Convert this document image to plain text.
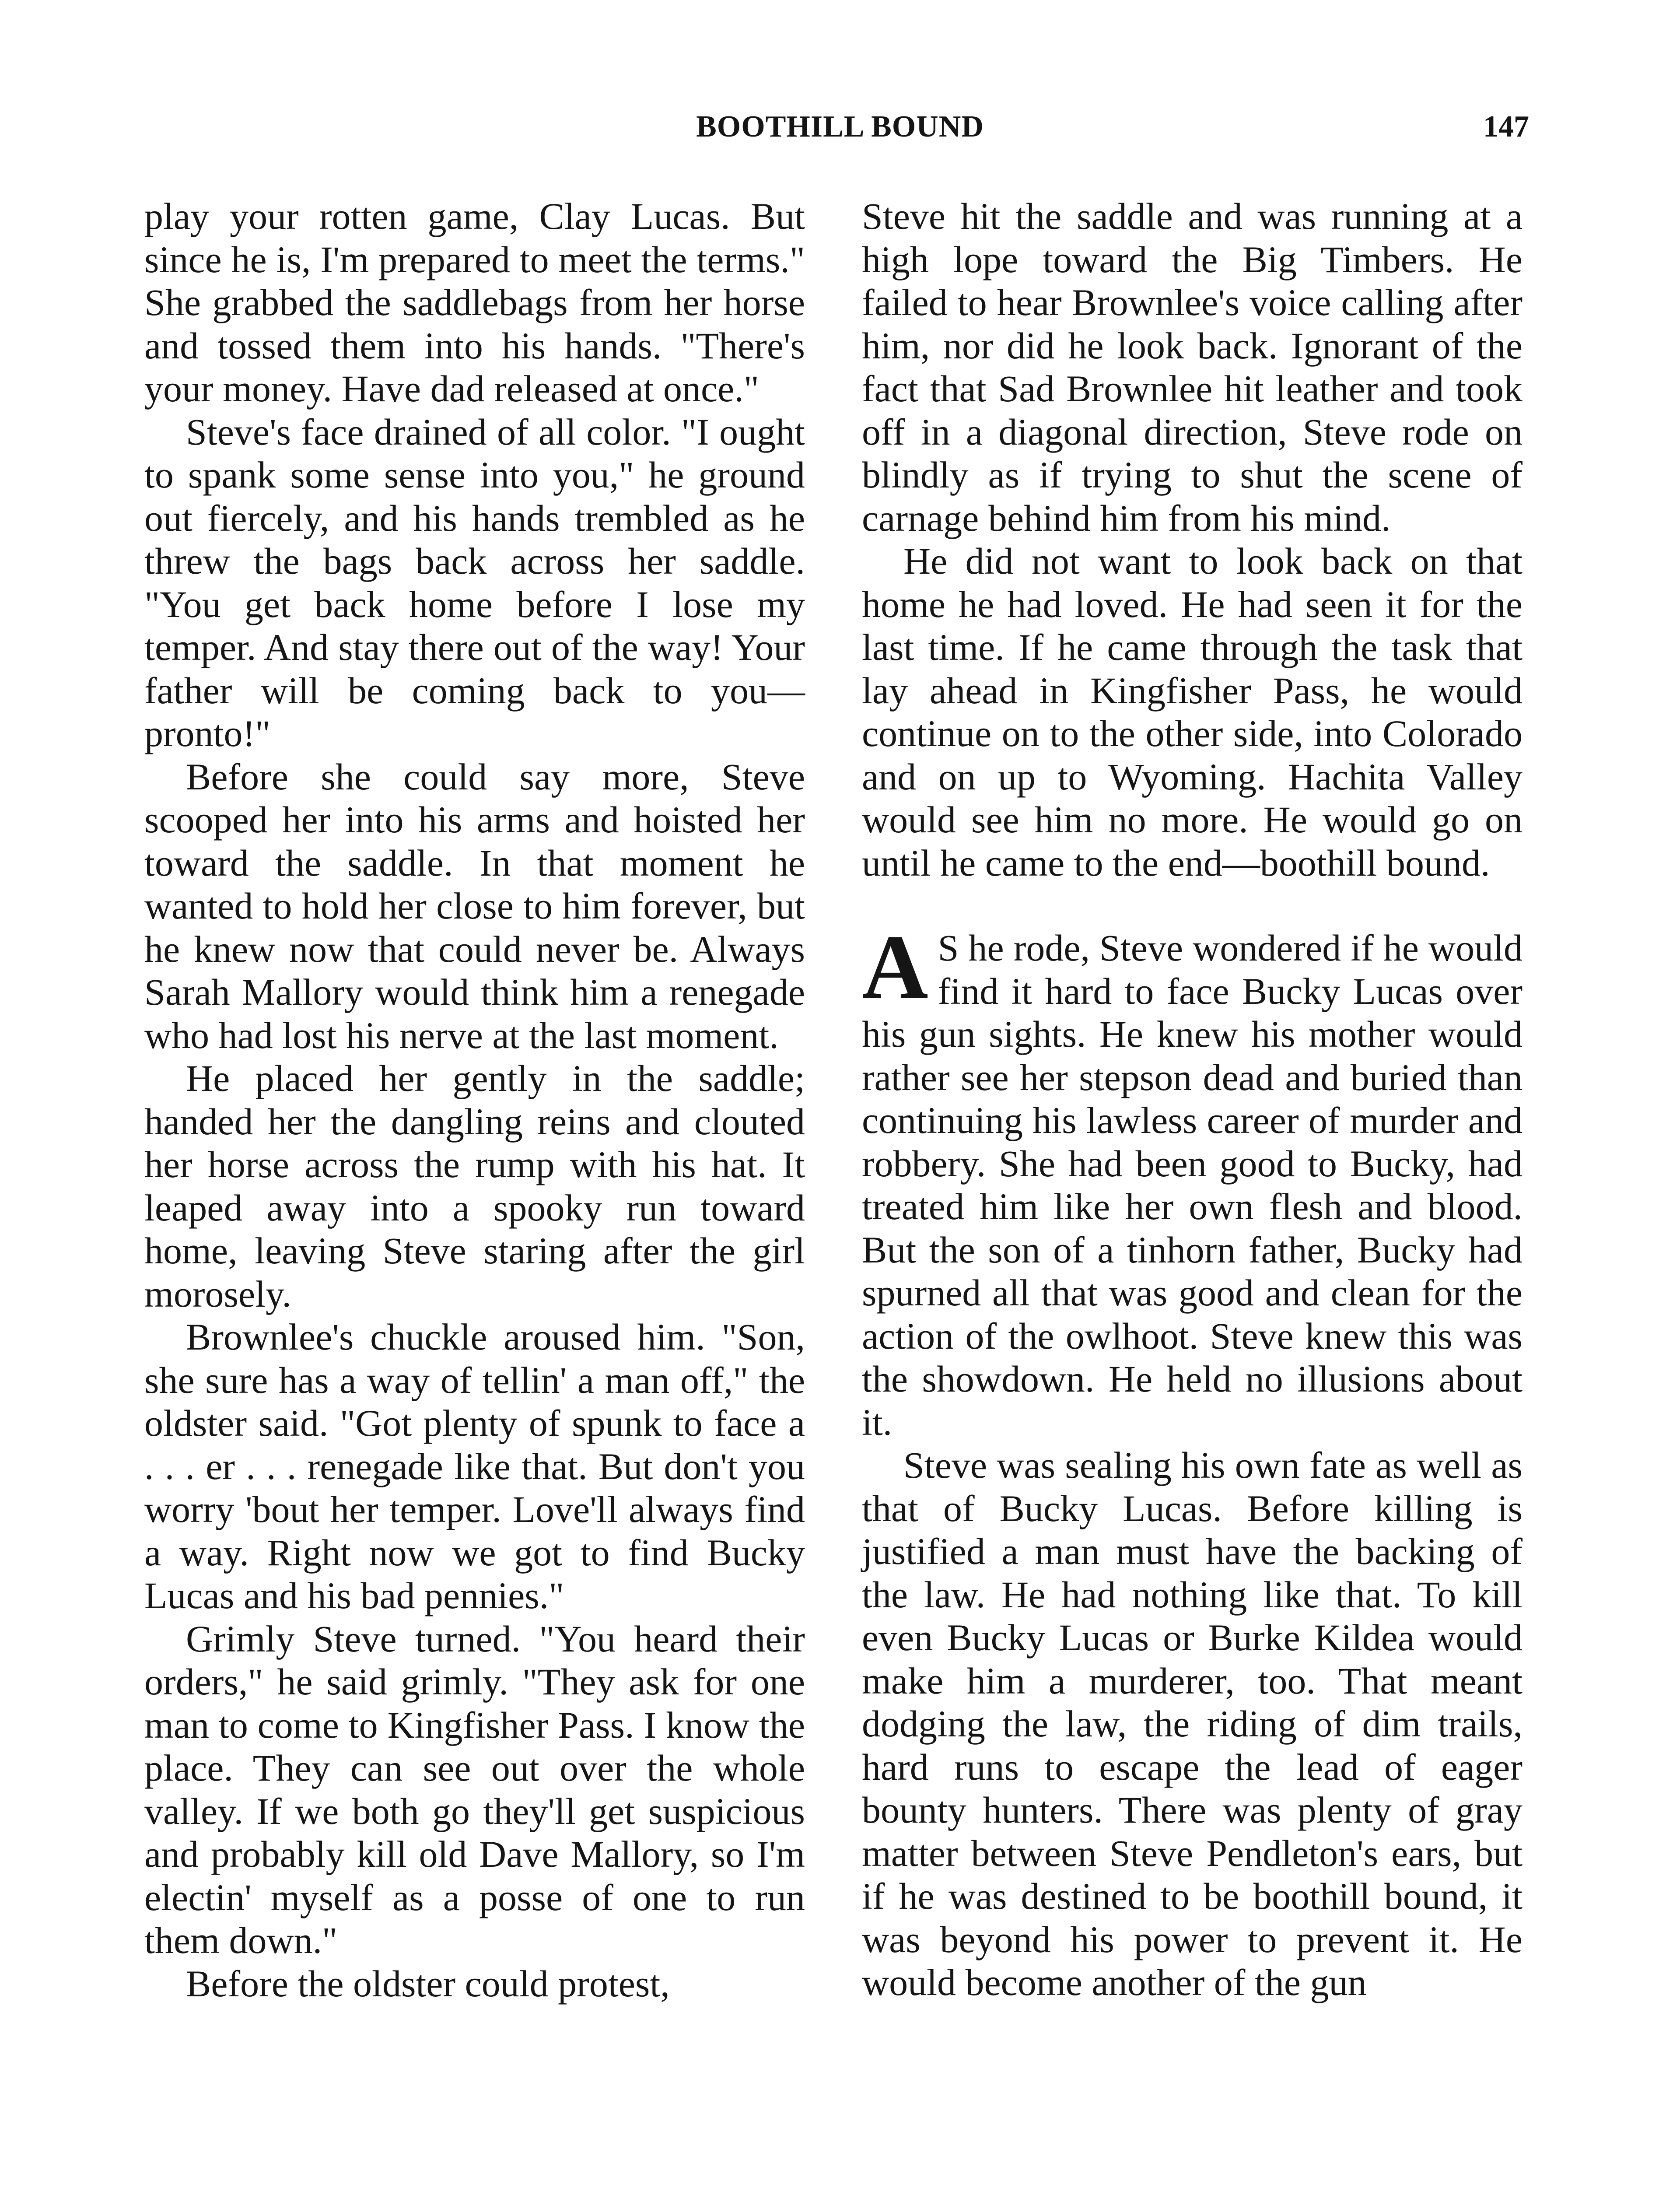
BOOTHILL BOUND	147

play your rotten game, Clay Lucas. But since he is, I'm prepared to meet the terms." She grabbed the saddlebags from her horse and tossed them into his hands. "There's your money. Have dad released at once."

Steve's face drained of all color. "I ought to spank some sense into you," he ground out fiercely, and his hands trembled as he threw the bags back across her saddle. "You get back home before I lose my temper. And stay there out of the way! Your father will be coming back to you—pronto!"

Before she could say more, Steve scooped her into his arms and hoisted her toward the saddle. In that moment he wanted to hold her close to him forever, but he knew now that could never be. Always Sarah Mallory would think him a renegade who had lost his nerve at the last moment.

He placed her gently in the saddle; handed her the dangling reins and clouted her horse across the rump with his hat. It leaped away into a spooky run toward home, leaving Steve staring after the girl morosely.

Brownlee's chuckle aroused him. "Son, she sure has a way of tellin' a man off," the oldster said. "Got plenty of spunk to face a . . . er . . . renegade like that. But don't you worry 'bout her temper. Love'll always find a way. Right now we got to find Bucky Lucas and his bad pennies."

Grimly Steve turned. "You heard their orders," he said grimly. "They ask for one man to come to Kingfisher Pass. I know the place. They can see out over the whole valley. If we both go they'll get suspicious and probably kill old Dave Mallory, so I'm electin' myself as a posse of one to run them down."

Before the oldster could protest,

Steve hit the saddle and was running at a high lope toward the Big Timbers. He failed to hear Brownlee's voice calling after him, nor did he look back. Ignorant of the fact that Sad Brownlee hit leather and took off in a diagonal direction, Steve rode on blindly as if trying to shut the scene of carnage behind him from his mind.

He did not want to look back on that home he had loved. He had seen it for the last time. If he came through the task that lay ahead in Kingfisher Pass, he would continue on to the other side, into Colorado and on up to Wyoming. Hachita Valley would see him no more. He would go on until he came to the end—boothill bound.

A S he rode, Steve wondered if he would find it hard to face Bucky Lucas over his gun sights. He knew his mother would rather see her stepson dead and buried than continuing his lawless career of murder and robbery. She had been good to Bucky, had treated him like her own flesh and blood. But the son of a tinhorn father, Bucky had spurned all that was good and clean for the action of the owlhoot. Steve knew this was the showdown. He held no illusions about it.

Steve was sealing his own fate as well as that of Bucky Lucas. Before killing is justified a man must have the backing of the law. He had nothing like that. To kill even Bucky Lucas or Burke Kildea would make him a murderer, too. That meant dodging the law, the riding of dim trails, hard runs to escape the lead of eager bounty hunters. There was plenty of gray matter between Steve Pendleton's ears, but if he was destined to be boothill bound, it was beyond his power to prevent it. He would become another of the gun
